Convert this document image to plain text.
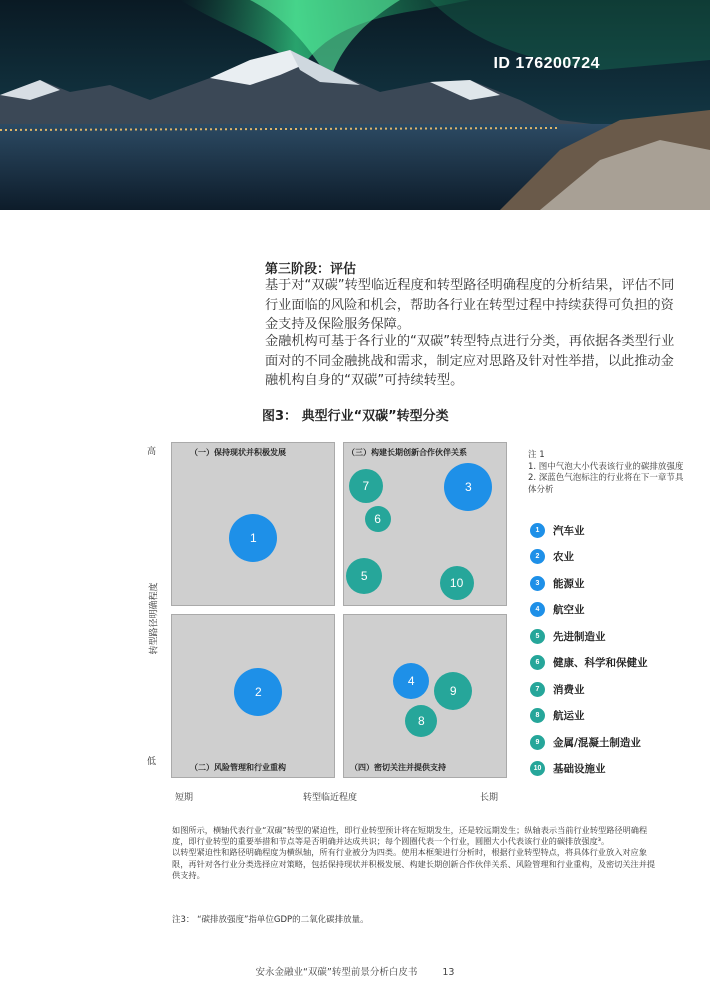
ID 176200724
第三阶段：评估
基于对“双碳”转型临近程度和转型路径明确程度的分析结果，评估不同行业面临的风险和机会，帮助各行业在转型过程中持续获得可负担的资金支持及保险服务保障。
金融机构可基于各行业的“双碳”转型特点进行分类，再依据各类型行业面对的不同金融挑战和需求，制定应对思路及针对性举措，以此推动金融机构自身的“双碳”可持续转型。
图3： 典型行业“双碳”转型分类
高
转型路径明确程度
低
（一）保持现状并积极发展	（三）构建长期创新合作伙伴关系
（二）风险管理和行业重构	（四）密切关注并提供支持
1
2
3
4
5
6
7
8
9
10
短期	转型临近程度	长期
注 1
1. 图中气泡大小代表该行业的碳排放强度
2. 深蓝色气泡标注的行业将在下一章节具体分析
1	汽车业
2	农业
3	能源业
4	航空业
5	先进制造业
6	健康、科学和保健业
7	消费业
8	航运业
9	金属/混凝土制造业
10	基础设施业

如图所示，横轴代表行业“双碳”转型的紧迫性，即行业转型预计将在短期发生，还是较远期发生；纵轴表示当前行业转型路径明确程度，即行业转型的重要举措和节点等是否明确并达成共识；每个圆圈代表一个行业，圆圈大小代表该行业的碳排放强度³。

以转型紧迫性和路径明确程度为横纵轴，所有行业被分为四类。使用本框架进行分析时，根据行业转型特点，将具体行业放入对应象限，再针对各行业分类选择应对策略，包括保持现状并积极发展、构建长期创新合作伙伴关系、风险管理和行业重构，及密切关注并提供支持。

注3： “碳排放强度”指单位GDP的二氧化碳排放量。
安永金融业“双碳”转型前景分析白皮书	13
